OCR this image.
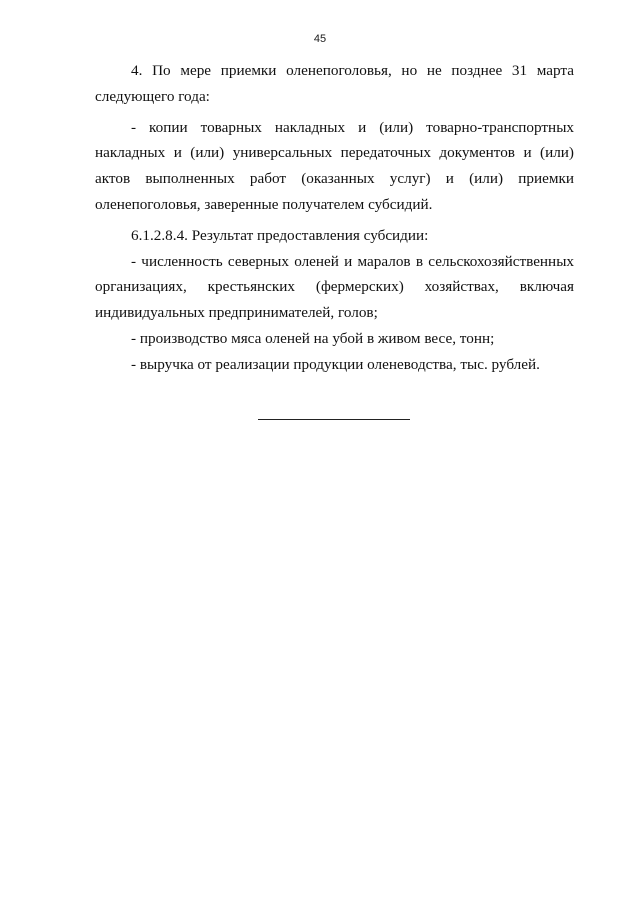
45

4. По мере приемки оленепоголовья, но не позднее 31 марта следующего года:

- копии товарных накладных и (или) товарно-транспортных накладных и (или) универсальных передаточных документов и (или) актов выполненных работ (оказанных услуг) и (или) приемки оленепоголовья, заверенные получателем субсидий.

6.1.2.8.4. Результат предоставления субсидии:

- численность северных оленей и маралов в сельскохозяйственных организациях, крестьянских (фермерских) хозяйствах, включая индивидуальных предпринимателей, голов;

- производство мяса оленей на убой в живом весе, тонн;

- выручка от реализации продукции оленеводства, тыс. рублей.
